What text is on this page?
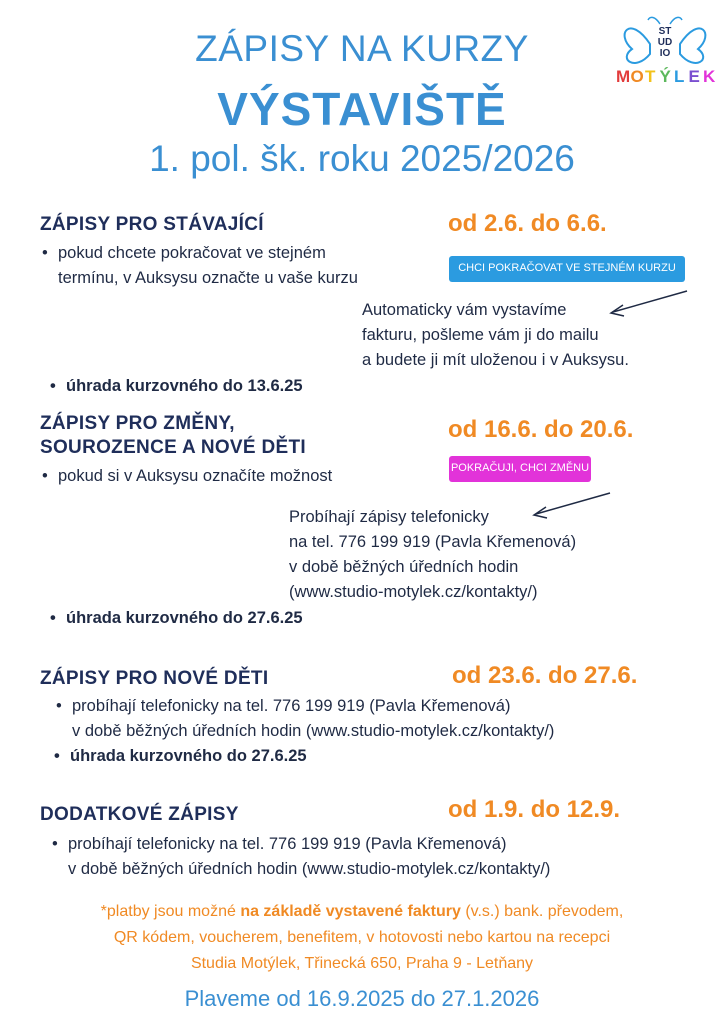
ZÁPISY NA KURZY
VÝSTAVIŠTĚ
1. pol. šk. roku 2025/2026
ST
UD
IO
M O T Ý L E K
ZÁPISY PRO STÁVAJÍCÍ	od 2.6. do 6.6.
• pokud chcete pokračovat ve stejném
termínu, v Auksysu označte u vaše kurzu
CHCI POKRAČOVAT VE STEJNÉM KURZU
Automaticky vám vystavíme
fakturu, pošleme vám ji do mailu
a budete ji mít uloženou i v Auksysu.
• úhrada kurzovného do 13.6.25
ZÁPISY PRO ZMĚNY,
SOUROZENCE A NOVÉ DĚTI
od 16.6. do 20.6.
• pokud si v Auksysu označíte možnost	POKRAČUJI, CHCI ZMĚNU
Probíhají zápisy telefonicky
na tel. 776 199 919 (Pavla Křemenová)
v době běžných úředních hodin
(www.studio-motylek.cz/kontakty/)
• úhrada kurzovného do 27.6.25
ZÁPISY PRO NOVÉ DĚTI	od 23.6. do 27.6.
• probíhají telefonicky na tel. 776 199 919 (Pavla Křemenová)
v době běžných úředních hodin (www.studio-motylek.cz/kontakty/)
• úhrada kurzovného do 27.6.25
DODATKOVÉ ZÁPISY	od 1.9. do 12.9.
• probíhají telefonicky na tel. 776 199 919 (Pavla Křemenová)
v době běžných úředních hodin (www.studio-motylek.cz/kontakty/)
*platby jsou možné na základě vystavené faktury (v.s.) bank. převodem,
QR kódem, voucherem, benefitem, v hotovosti nebo kartou na recepci
Studia Motýlek, Třinecká 650, Praha 9 - Letňany
Plaveme od 16.9.2025 do 27.1.2026
